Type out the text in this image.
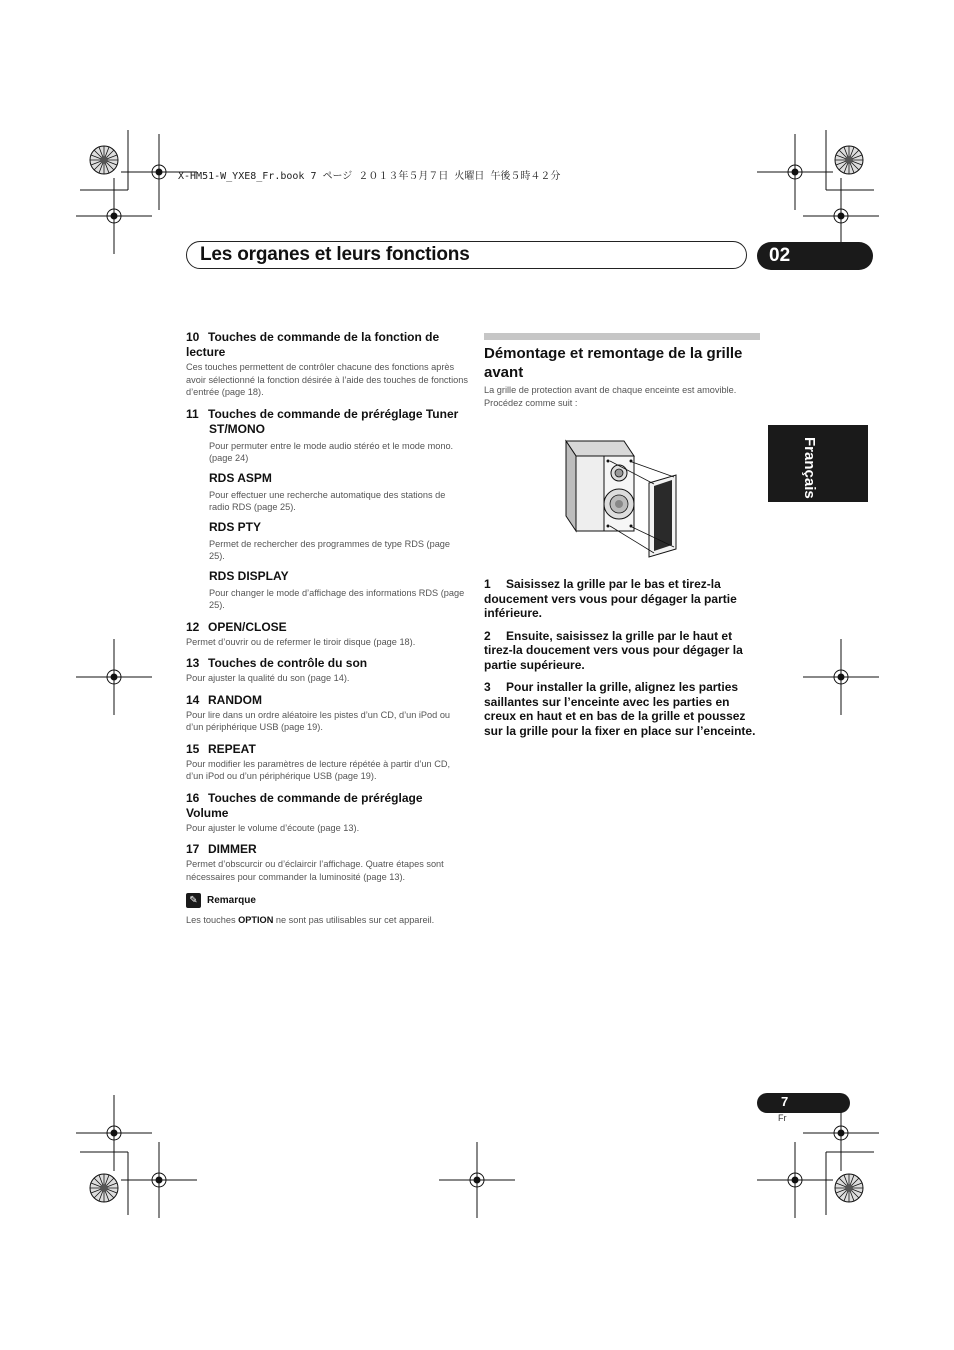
X-HM51-W_YXE8_Fr.book 7 ページ ２０１３年５月７日 火曜日 午後５時４２分
Les organes et leurs fonctions	02
Français
10 Touches de commande de la fonction de lecture
Ces touches permettent de contrôler chacune des fonctions après avoir sélectionné la fonction désirée à l’aide des touches de fonctions d’entrée (page 18).
11 Touches de commande de préréglage Tuner
ST/MONO
Pour permuter entre le mode audio stéréo et le mode mono. (page 24)
RDS ASPM
Pour effectuer une recherche automatique des stations de radio RDS (page 25).
RDS PTY
Permet de rechercher des programmes de type RDS (page 25).
RDS DISPLAY
Pour changer le mode d’affichage des informations RDS (page 25).
12 OPEN/CLOSE
Permet d’ouvrir ou de refermer le tiroir disque (page 18).
13 Touches de contrôle du son
Pour ajuster la qualité du son (page 14).
14 RANDOM
Pour lire dans un ordre aléatoire les pistes d’un CD, d’un iPod ou d’un périphérique USB (page 19).
15 REPEAT
Pour modifier les paramètres de lecture répétée à partir d’un CD, d’un iPod ou d’un périphérique USB (page 19).
16 Touches de commande de préréglage Volume
Pour ajuster le volume d’écoute (page 13).
17 DIMMER
Permet d’obscurcir ou d’éclaircir l’affichage. Quatre étapes sont nécessaires pour commander la luminosité (page 13).
✎ Remarque
Les touches OPTION ne sont pas utilisables sur cet appareil.
Démontage et remontage de la grille avant
La grille de protection avant de chaque enceinte est amovible. Procédez comme suit :
1 Saisissez la grille par le bas et tirez-la doucement vers vous pour dégager la partie inférieure.
2 Ensuite, saisissez la grille par le haut et tirez-la doucement vers vous pour dégager la partie supérieure.
3 Pour installer la grille, alignez les parties saillantes sur l’enceinte avec les parties en creux en haut et en bas de la grille et poussez sur la grille pour la fixer en place sur l’enceinte.
7
Fr
